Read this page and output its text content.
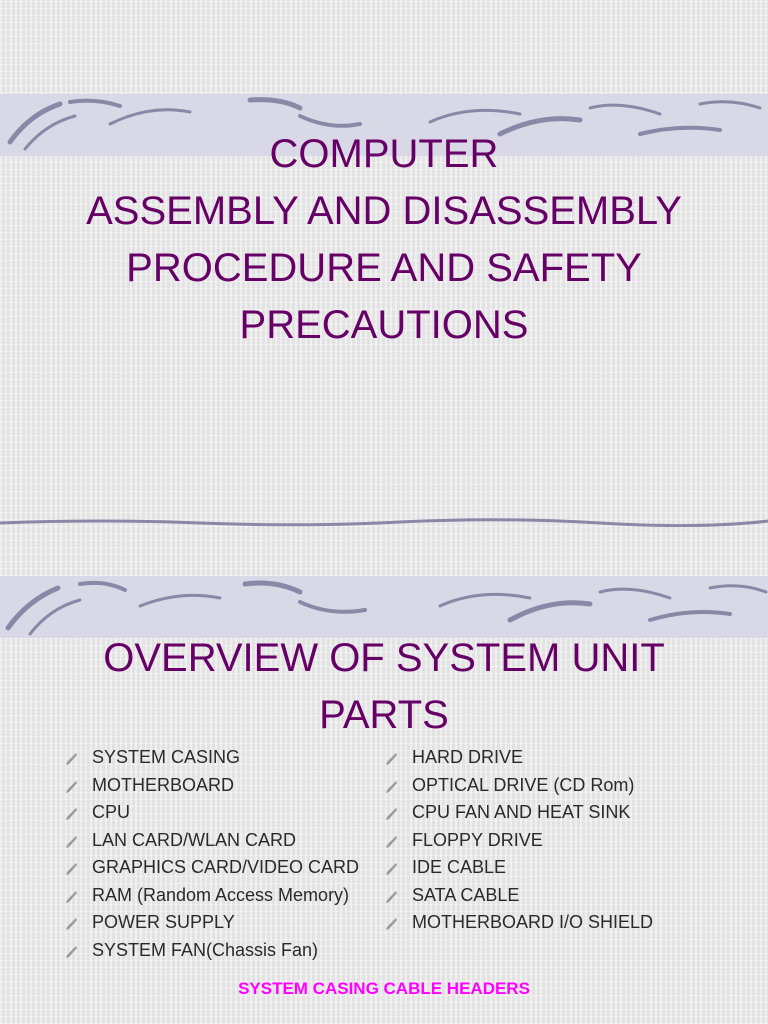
COMPUTER
ASSEMBLY AND DISASSEMBLY
PROCEDURE AND SAFETY
PRECAUTIONS
OVERVIEW OF SYSTEM UNIT
PARTS
SYSTEM CASING
MOTHERBOARD
CPU
LAN CARD/WLAN CARD
GRAPHICS CARD/VIDEO CARD
RAM (Random Access Memory)
POWER SUPPLY
SYSTEM FAN(Chassis Fan)
HARD DRIVE
OPTICAL DRIVE (CD Rom)
CPU FAN AND HEAT SINK
FLOPPY DRIVE
IDE CABLE
SATA CABLE
MOTHERBOARD I/O SHIELD
SYSTEM CASING CABLE HEADERS
